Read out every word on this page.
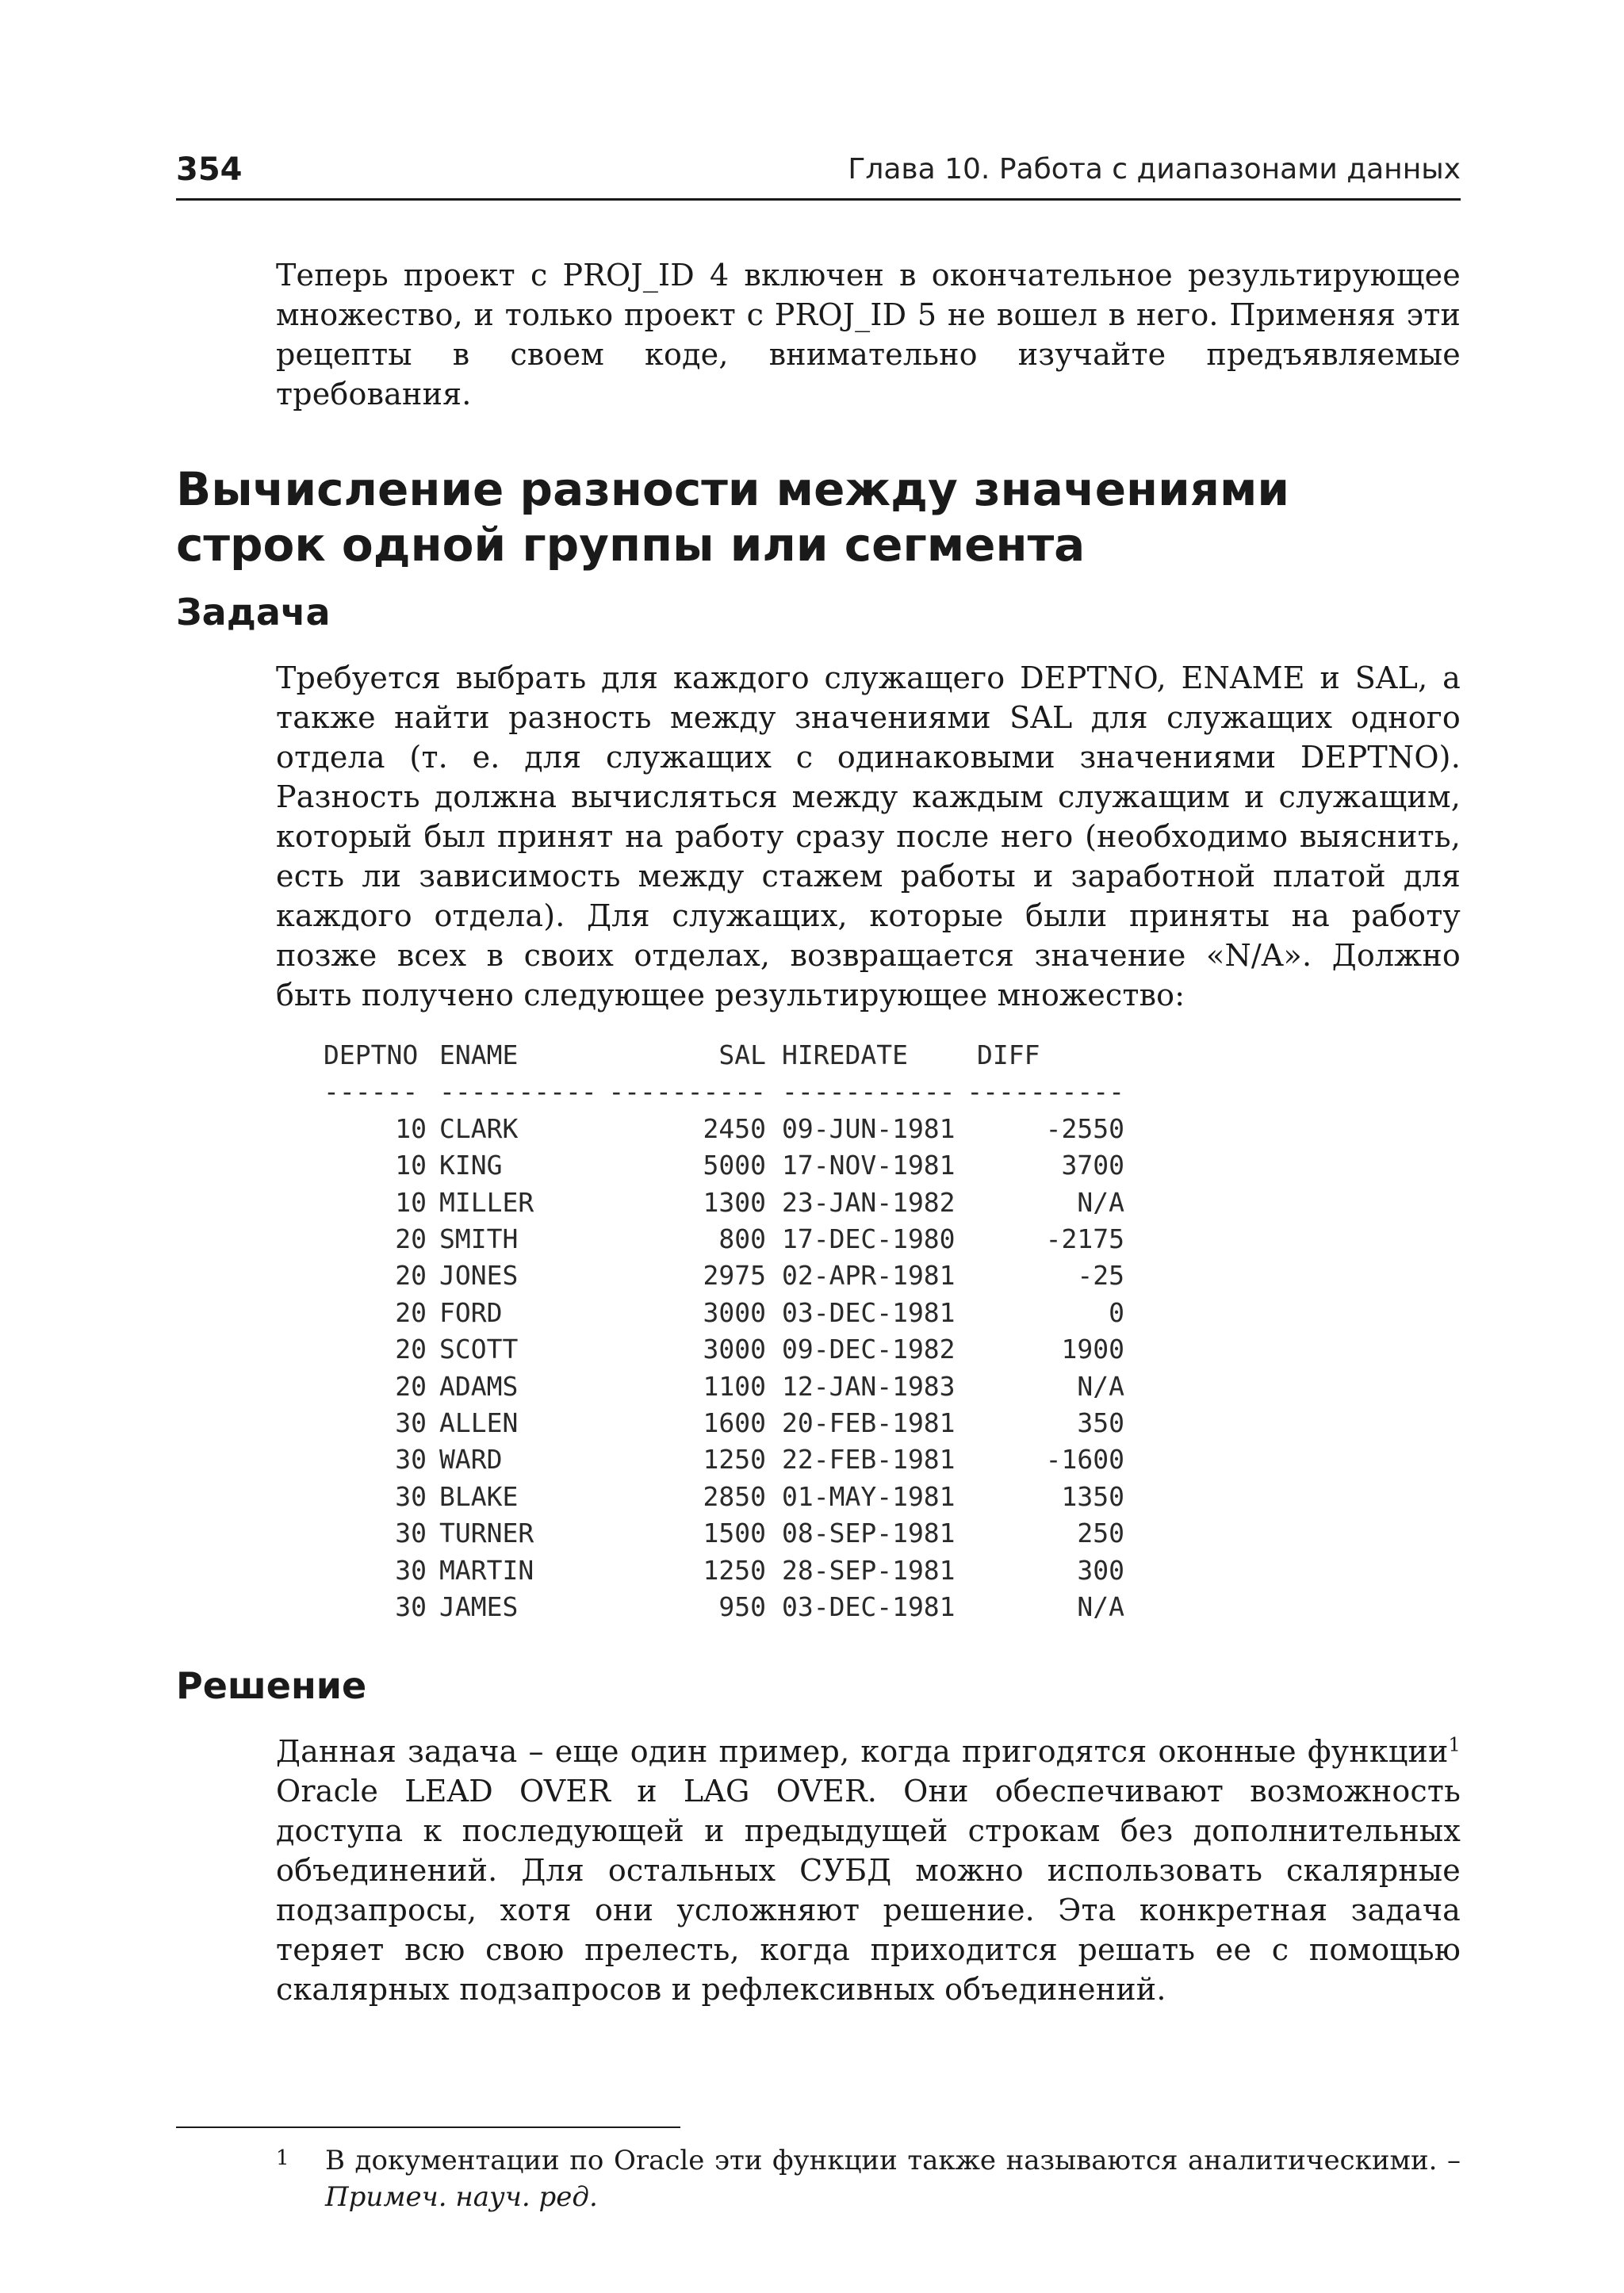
354	Глава 10. Работа с диапазонами данных

Теперь проект с PROJ_ID 4 включен в окончательное результирующее множество, и только проект с PROJ_ID 5 не вошел в него. Применяя эти рецепты в своем коде, внимательно изучайте предъявляемые требования.

Вычисление разности между значениями
строк одной группы или сегмента
Задача

Требуется выбрать для каждого служащего DEPTNO, ENAME и SAL, а также найти разность между значениями SAL для служащих одного отдела (т. е. для служащих с одинаковыми значениями DEPTNO). Разность должна вычисляться между каждым служащим и служащим, который был принят на работу сразу после него (необходимо выяснить, есть ли зависимость между стажем работы и заработной платой для каждого отдела). Для служащих, которые были приняты на работу позже всех в своих отделах, возвращается значение «N/A». Должно быть получено следующее результирующее множество:

DEPTNO	ENAME	SAL	HIREDATE	DIFF
------	----------	----------	-----------	----------
10	CLARK	2450	09-JUN-1981	-2550
10	KING	5000	17-NOV-1981	3700
10	MILLER	1300	23-JAN-1982	N/A
20	SMITH	800	17-DEC-1980	-2175
20	JONES	2975	02-APR-1981	-25
20	FORD	3000	03-DEC-1981	0
20	SCOTT	3000	09-DEC-1982	1900
20	ADAMS	1100	12-JAN-1983	N/A
30	ALLEN	1600	20-FEB-1981	350
30	WARD	1250	22-FEB-1981	-1600
30	BLAKE	2850	01-MAY-1981	1350
30	TURNER	1500	08-SEP-1981	250
30	MARTIN	1250	28-SEP-1981	300
30	JAMES	950	03-DEC-1981	N/A
Решение

Данная задача – еще один пример, когда пригодятся оконные функции$^1$ Oracle LEAD OVER и LAG OVER. Они обеспечивают возможность доступа к последующей и предыдущей строкам без дополнительных объединений. Для остальных СУБД можно использовать скалярные подзапросы, хотя они усложняют решение. Эта конкретная задача теряет всю свою прелесть, когда приходится решать ее с помощью скалярных подзапросов и рефлексивных объединений.

1 В документации по Oracle эти функции также называются аналитическими. – Примеч. науч. ред.
